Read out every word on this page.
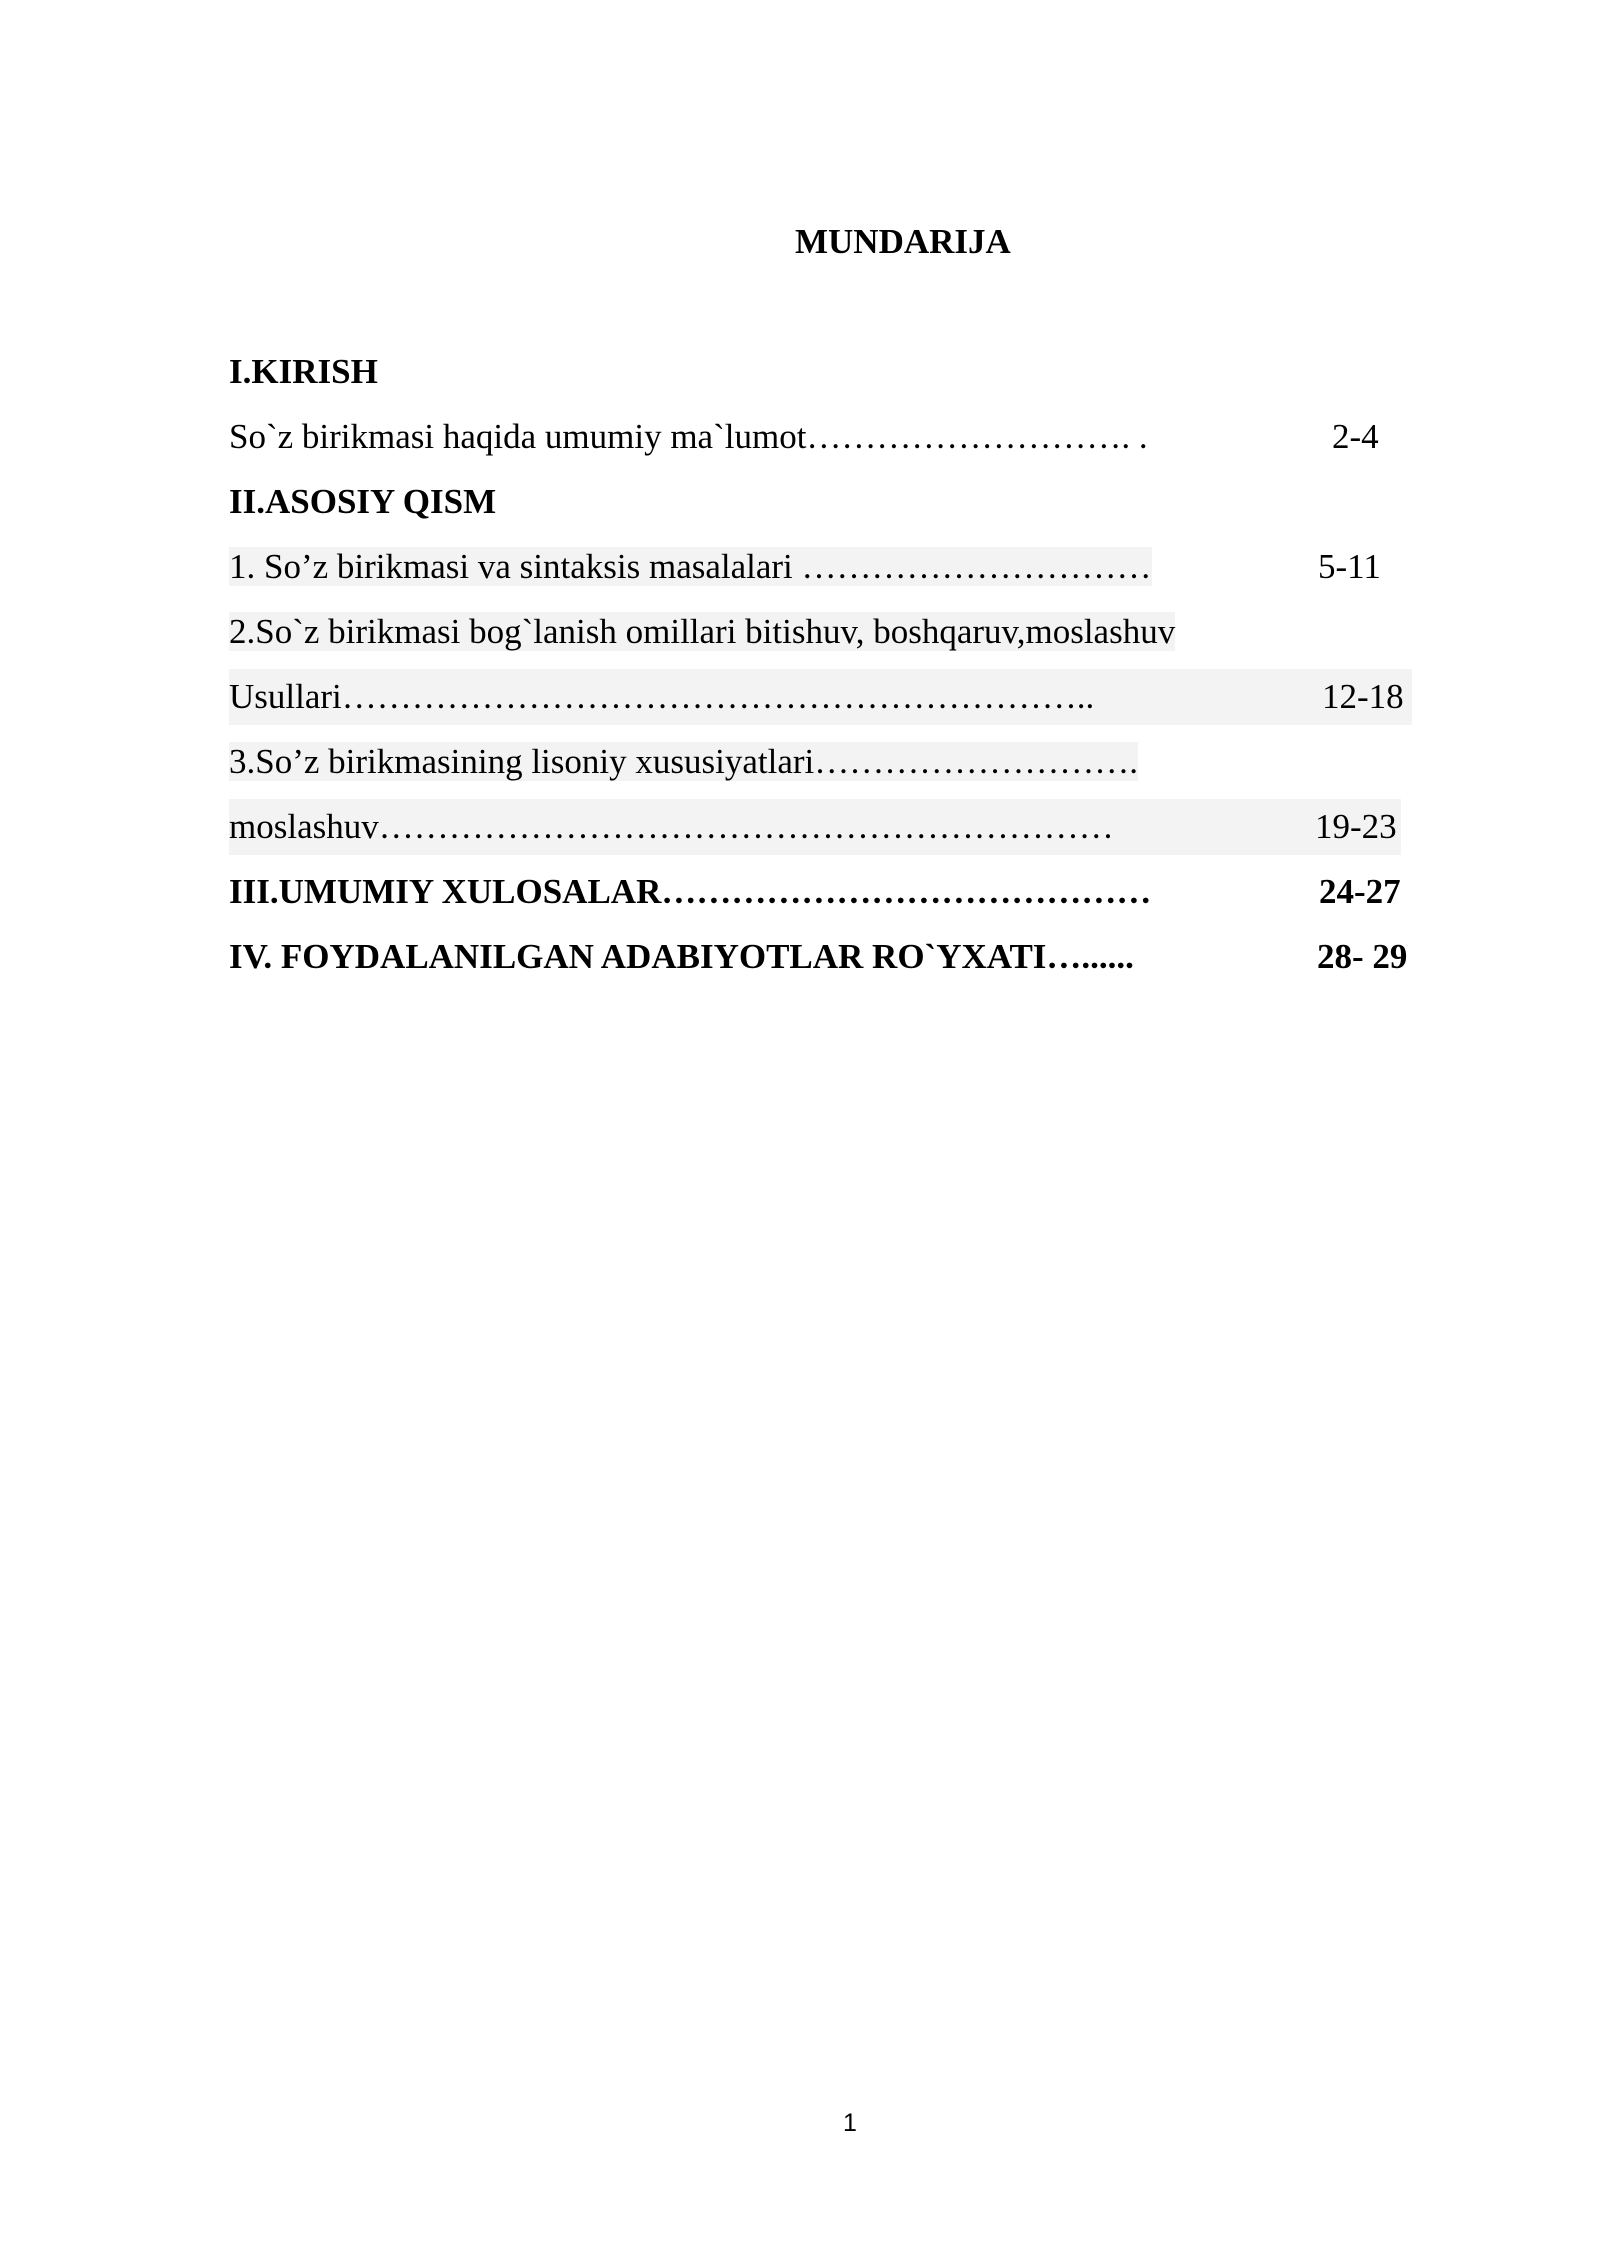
MUNDARIJA
I.KIRISH
So`z birikmasi haqida umumiy ma`lumot………………………. .	2-4
II.ASOSIY QISM
1. So’z birikmasi va sintaksis masalalari …………………………	5-11
2.So`z birikmasi bog`lanish omillari bitishuv, boshqaruv,moslashuv
Usullari………………………………………………………..	12-18
3.So’z birikmasining lisoniy xususiyatlari……………………….
moslashuv………………………………………………………	19-23
III.UMUMIY XULOSALAR……………………………………	24-27
IV. FOYDALANILGAN ADABIYOTLAR RO`YXATI…......	28- 29
1
